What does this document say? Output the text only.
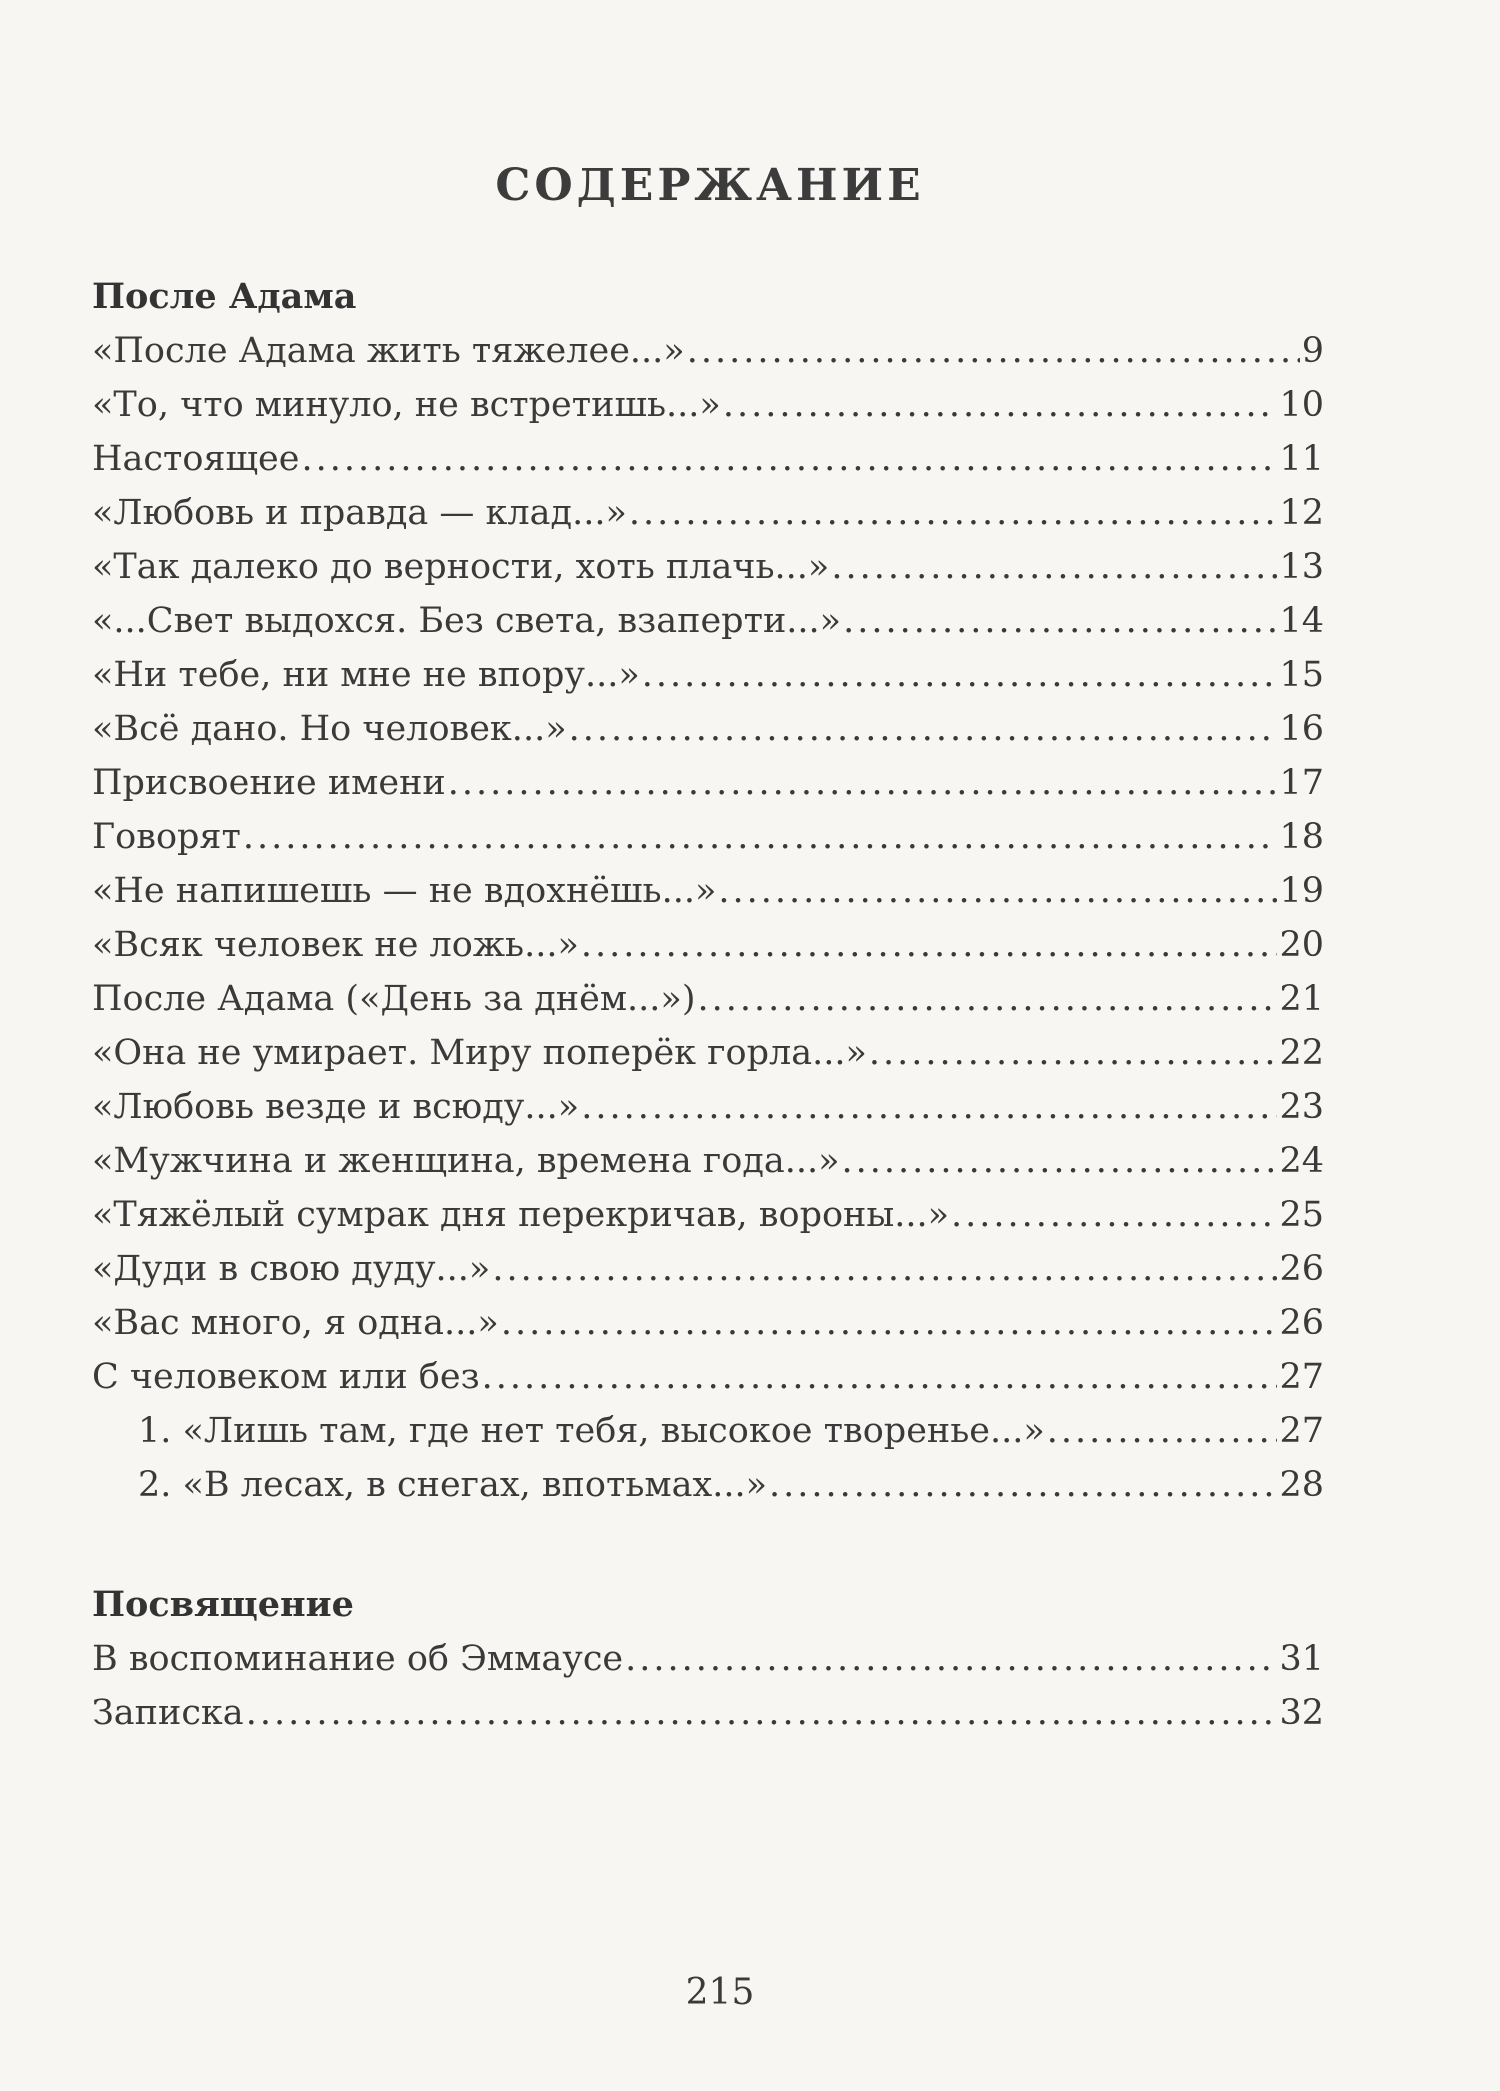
СОДЕРЖАНИЕ
После Адама
«После Адама жить тяжелее...» .....	9
«То, что минуло, не встретишь...» .....	10
Настоящее .....	11
«Любовь и правда — клад...» .....	12
«Так далеко до верности, хоть плачь...» .....	13
«...Свет выдохся. Без света, взаперти...» .....	14
«Ни тебе, ни мне не впору...» .....	15
«Всё дано. Но человек...» .....	16
Присвоение имени .....	17
Говорят .....	18
«Не напишешь — не вдохнёшь...» .....	19
«Всяк человек не ложь...» .....	20
После Адама («День за днём...») .....	21
«Она не умирает. Миру поперёк горла...» .....	22
«Любовь везде и всюду...» .....	23
«Мужчина и женщина, времена года...» .....	24
«Тяжёлый сумрак дня перекричав, вороны...» .....	25
«Дуди в свою дуду...» .....	26
«Вас много, я одна...» .....	26
С человеком или без .....	27
1. «Лишь там, где нет тебя, высокое творенье...» .....	27
2. «В лесах, в снегах, впотьмах...» .....	28
Посвящение
В воспоминание об Эммаусе .....	31
Записка .....	32
215
